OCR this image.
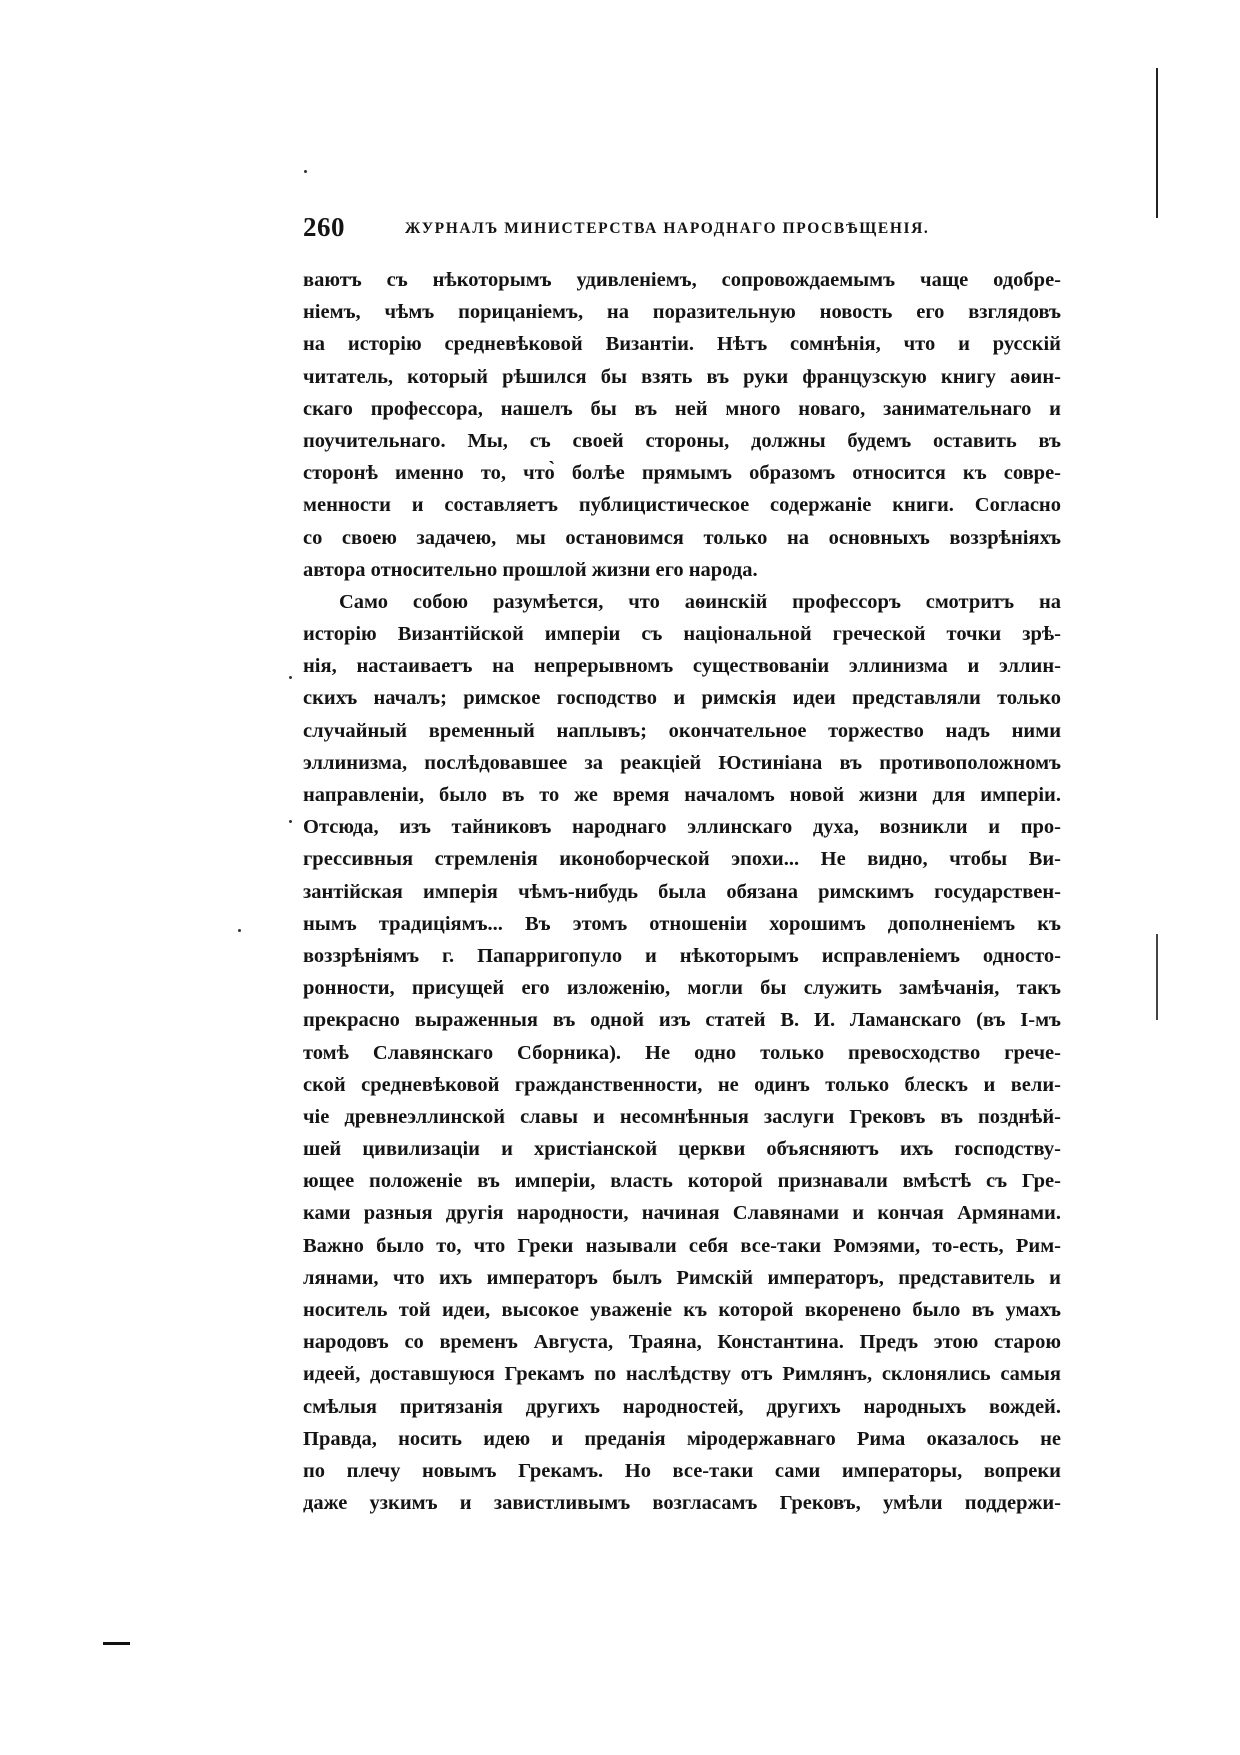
260	ЖУРНАЛЪ МИНИСТЕРСТВА НАРОДНАГО ПРОСВѢЩЕНІЯ.
ваютъ съ нѣкоторымъ удивленіемъ, сопровождаемымъ чаще одобре-
ніемъ, чѣмъ порицаніемъ, на поразительную новость его взглядовъ
на исторію средневѣковой Византіи. Нѣтъ сомнѣнія, что и русскій
читатель, который рѣшился бы взять въ руки французскую книгу аѳин-
скаго профессора, нашелъ бы въ ней много новаго, занимательнаго и
поучительнаго. Мы, съ своей стороны, должны будемъ оставить въ
сторонѣ именно то, что̀ болѣе прямымъ образомъ относится къ совре-
менности и составляетъ публицистическое содержаніе книги. Согласно
со своею задачею, мы остановимся только на основныхъ воззрѣніяхъ
автора относительно прошлой жизни его народа.
Само собою разумѣется, что аѳинскій профессоръ смотритъ на
исторію Византійской имперіи съ національной греческой точки зрѣ-
нія, настаиваетъ на непрерывномъ существованіи эллинизма и эллин-
скихъ началъ; римское господство и римскія идеи представляли только
случайный временный наплывъ; окончательное торжество надъ ними
эллинизма, послѣдовавшее за реакціей Юстиніана въ противоположномъ
направленіи, было въ то же время началомъ новой жизни для имперіи.
Отсюда, изъ тайниковъ народнаго эллинскаго духа, возникли и про-
грессивныя стремленія иконоборческой эпохи... Не видно, чтобы Ви-
зантійская имперія чѣмъ-нибудь была обязана римскимъ государствен-
нымъ традиціямъ... Въ этомъ отношеніи хорошимъ дополненіемъ къ
воззрѣніямъ г. Папарригопуло и нѣкоторымъ исправленіемъ односто-
ронности, присущей его изложенію, могли бы служить замѣчанія, такъ
прекрасно выраженныя въ одной изъ статей В. И. Ламанскаго (въ І-мъ
томѣ Славянскаго Сборника). Не одно только превосходство грече-
ской средневѣковой гражданственности, не одинъ только блескъ и вели-
чіе древнеэллинской славы и несомнѣнныя заслуги Грековъ въ позднѣй-
шей цивилизаціи и христіанской церкви объясняютъ ихъ господству-
ющее положеніе въ имперіи, власть которой признавали вмѣстѣ съ Гре-
ками разныя другія народности, начиная Славянами и кончая Армянами.
Важно было то, что Греки называли себя все-таки Ромэями, то-есть, Рим-
лянами, что ихъ императоръ былъ Римскій императоръ, представитель и
носитель той идеи, высокое уваженіе къ которой вкоренено было въ умахъ
народовъ со временъ Августа, Траяна, Константина. Предъ этою старою
идеей, доставшуюся Грекамъ по наслѣдству отъ Римлянъ, склонялись самыя
смѣлыя притязанія другихъ народностей, другихъ народныхъ вождей.
Правда, носить идею и преданія міродержавнаго Рима оказалось не
по плечу новымъ Грекамъ. Но все-таки сами императоры, вопреки
даже узкимъ и завистливымъ возгласамъ Грековъ, умѣли поддержи-
